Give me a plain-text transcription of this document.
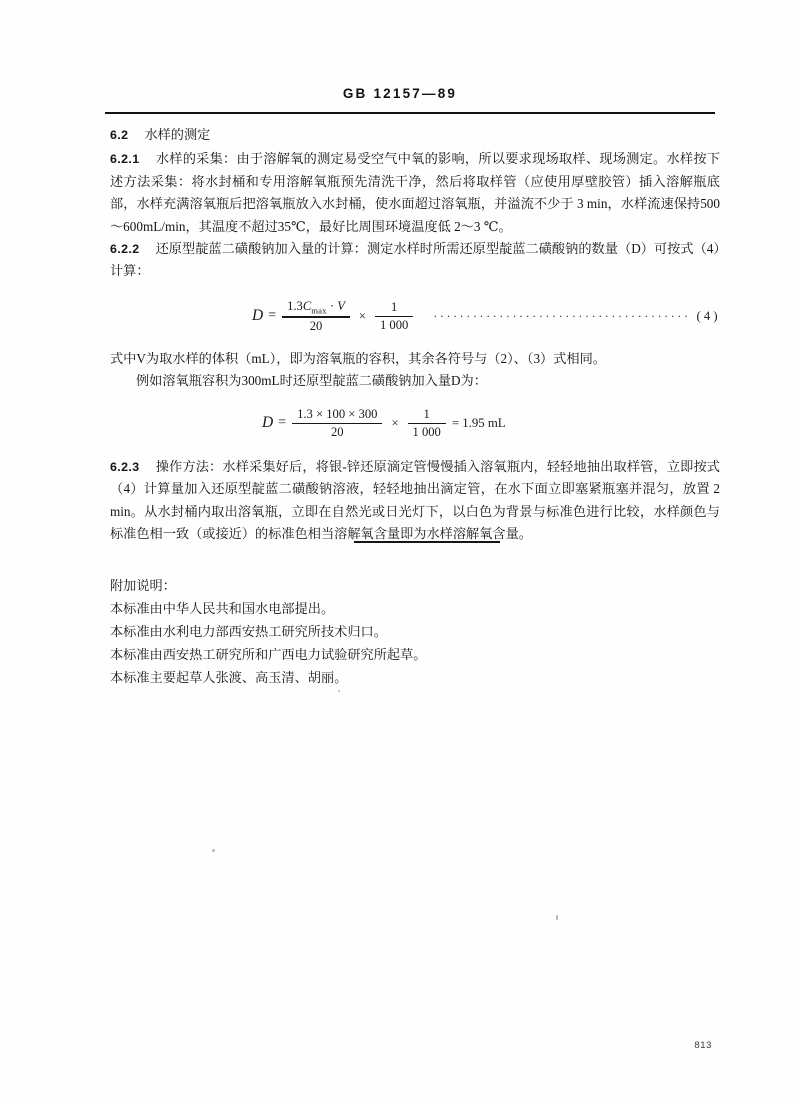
GB 12157—89
6.2 水样的测定
6.2.1 水样的采集：由于溶解氧的测定易受空气中氧的影响，所以要求现场取样、现场测定。水样按下述方法采集：将水封桶和专用溶解氧瓶预先清洗干净，然后将取样管（应使用厚壁胶管）插入溶解瓶底部，水样充满溶氧瓶后把溶氧瓶放入水封桶，使水面超过溶氧瓶，并溢流不少于 3 min，水样流速保持500～600mL/min，其温度不超过35℃，最好比周围环境温度低 2～3 ℃。
6.2.2 还原型靛蓝二磺酸钠加入量的计算：测定水样时所需还原型靛蓝二磺酸钠的数量（D）可按式（4）计算：
$D = \frac{1.3C_{max} \cdot V}{20} \times \frac{1}{1 000}$ ······································· ( 4 )
式中V为取水样的体积（mL），即为溶氧瓶的容积，其余各符号与（2）、（3）式相同。
例如溶氧瓶容积为300mL时还原型靛蓝二磺酸钠加入量D为：
$D = \frac{1.3 \times 100 \times 300}{20} \times \frac{1}{1 000} = 1.95$ mL
6.2.3 操作方法：水样采集好后，将银-锌还原滴定管慢慢插入溶氧瓶内，轻轻地抽出取样管，立即按式（4）计算量加入还原型靛蓝二磺酸钠溶液，轻轻地抽出滴定管，在水下面立即塞紧瓶塞并混匀，放置 2 min。从水封桶内取出溶氧瓶，立即在自然光或日光灯下，以白色为背景与标准色进行比较，水样颜色与标准色相一致（或接近）的标准色相当溶解氧含量即为水样溶解氧含量。
附加说明：
本标准由中华人民共和国水电部提出。
本标准由水利电力部西安热工研究所技术归口。
本标准由西安热工研究所和广西电力试验研究所起草。
本标准主要起草人张渡、高玉清、胡丽。
813
